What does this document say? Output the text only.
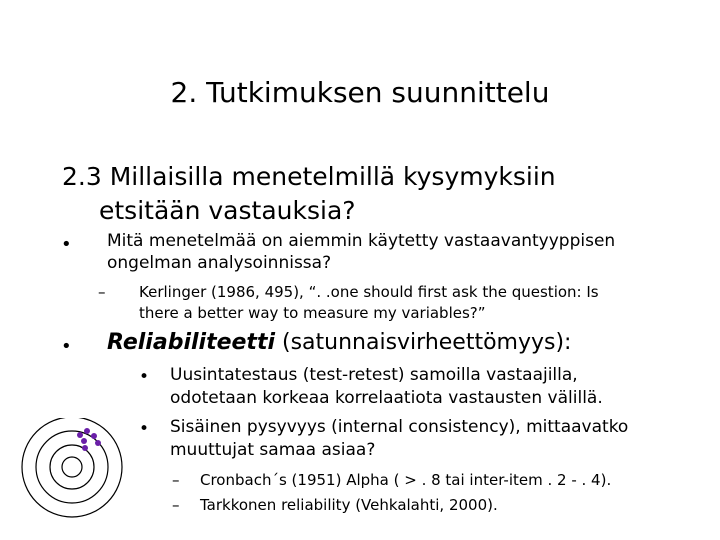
2. Tutkimuksen suunnittelu
2.3 Millaisilla menetelmillä kysymyksiin
etsitään vastauksia?
• Mitä menetelmää on aiemmin käytetty vastaavantyyppisen
ongelman analysoinnissa?
– Kerlinger (1986, 495), “. .one should first ask the question: Is
there a better way to measure my variables?”
• Reliabiliteetti (satunnaisvirheettömyys):
• Uusintatestaus (test-retest) samoilla vastaajilla,
odotetaan korkeaa korrelaatiota vastausten välillä.
• Sisäinen pysyvyys (internal consistency), mittaavatko
muuttujat samaa asiaa?
– Cronbach´s (1951) Alpha ( > . 8 tai inter-item . 2 - . 4).
– Tarkkonen reliability (Vehkalahti, 2000).
